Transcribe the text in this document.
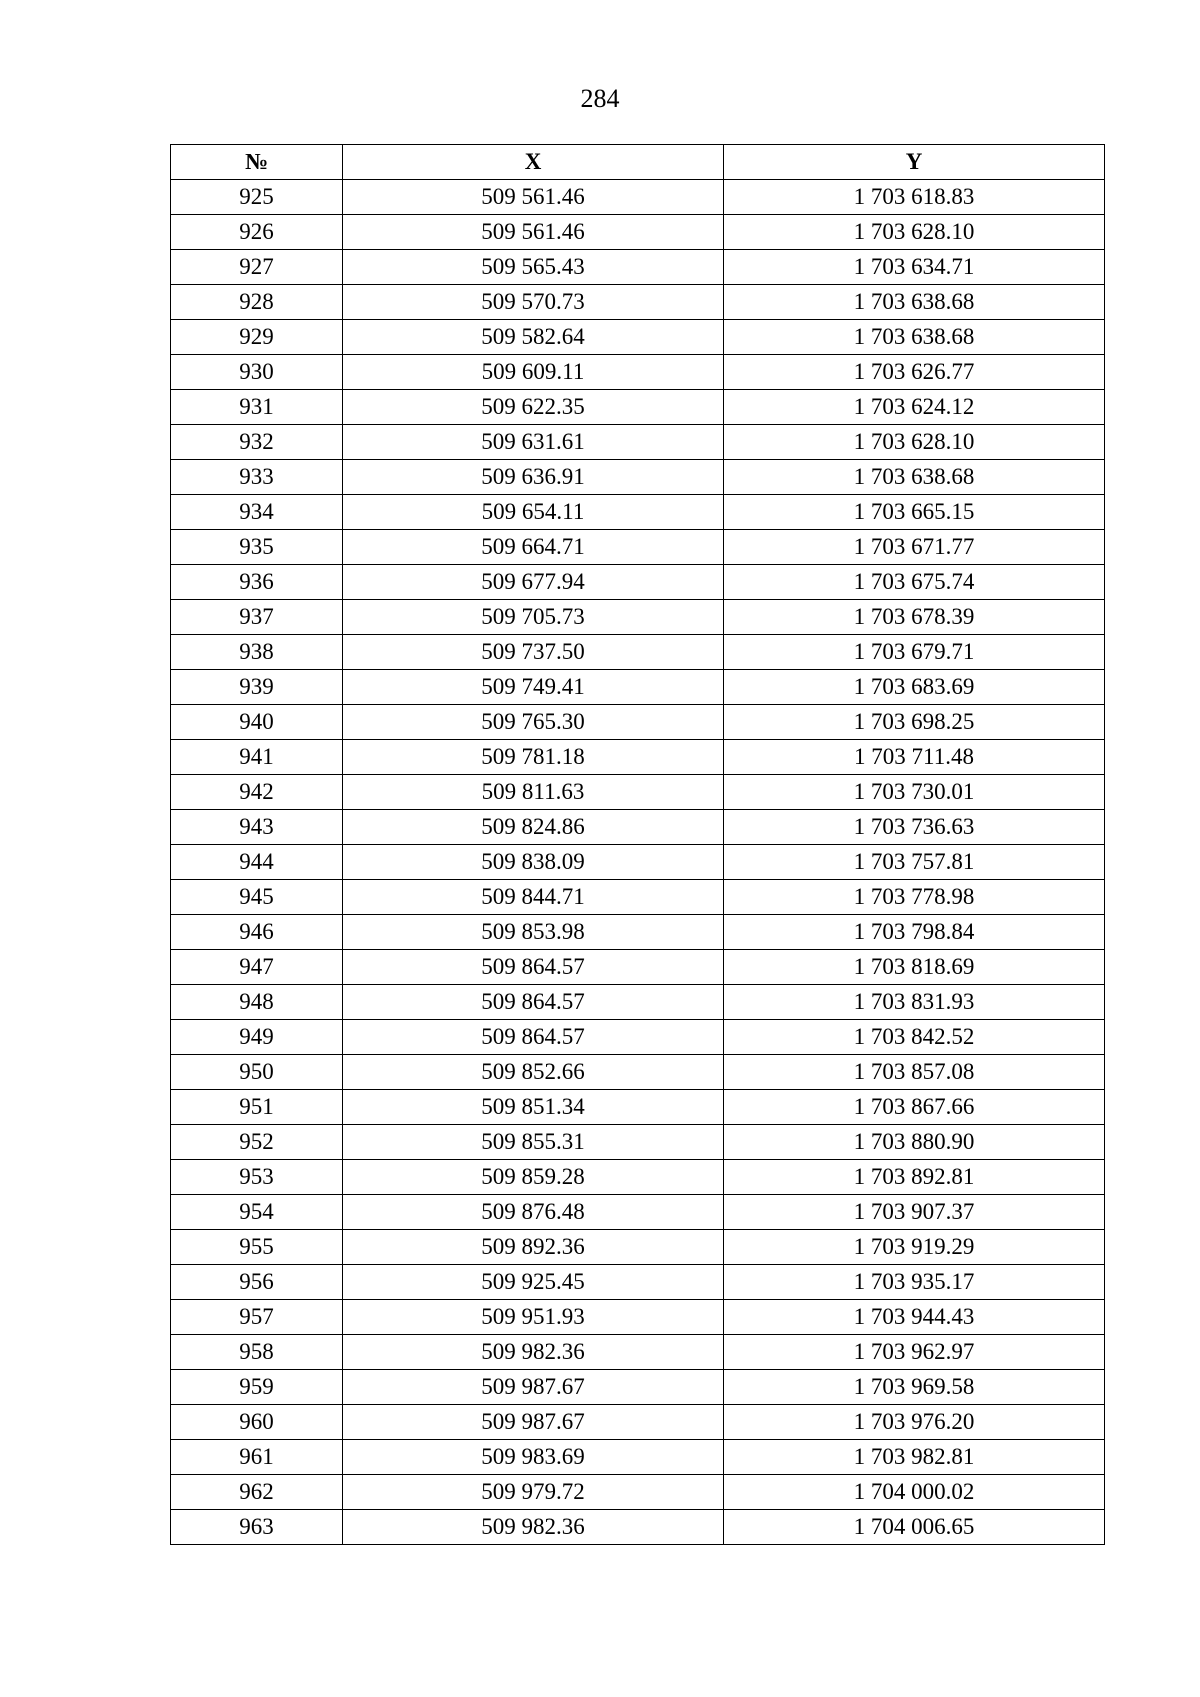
284
№	X	Y
925	509 561.46	1 703 618.83
926	509 561.46	1 703 628.10
927	509 565.43	1 703 634.71
928	509 570.73	1 703 638.68
929	509 582.64	1 703 638.68
930	509 609.11	1 703 626.77
931	509 622.35	1 703 624.12
932	509 631.61	1 703 628.10
933	509 636.91	1 703 638.68
934	509 654.11	1 703 665.15
935	509 664.71	1 703 671.77
936	509 677.94	1 703 675.74
937	509 705.73	1 703 678.39
938	509 737.50	1 703 679.71
939	509 749.41	1 703 683.69
940	509 765.30	1 703 698.25
941	509 781.18	1 703 711.48
942	509 811.63	1 703 730.01
943	509 824.86	1 703 736.63
944	509 838.09	1 703 757.81
945	509 844.71	1 703 778.98
946	509 853.98	1 703 798.84
947	509 864.57	1 703 818.69
948	509 864.57	1 703 831.93
949	509 864.57	1 703 842.52
950	509 852.66	1 703 857.08
951	509 851.34	1 703 867.66
952	509 855.31	1 703 880.90
953	509 859.28	1 703 892.81
954	509 876.48	1 703 907.37
955	509 892.36	1 703 919.29
956	509 925.45	1 703 935.17
957	509 951.93	1 703 944.43
958	509 982.36	1 703 962.97
959	509 987.67	1 703 969.58
960	509 987.67	1 703 976.20
961	509 983.69	1 703 982.81
962	509 979.72	1 704 000.02
963	509 982.36	1 704 006.65
